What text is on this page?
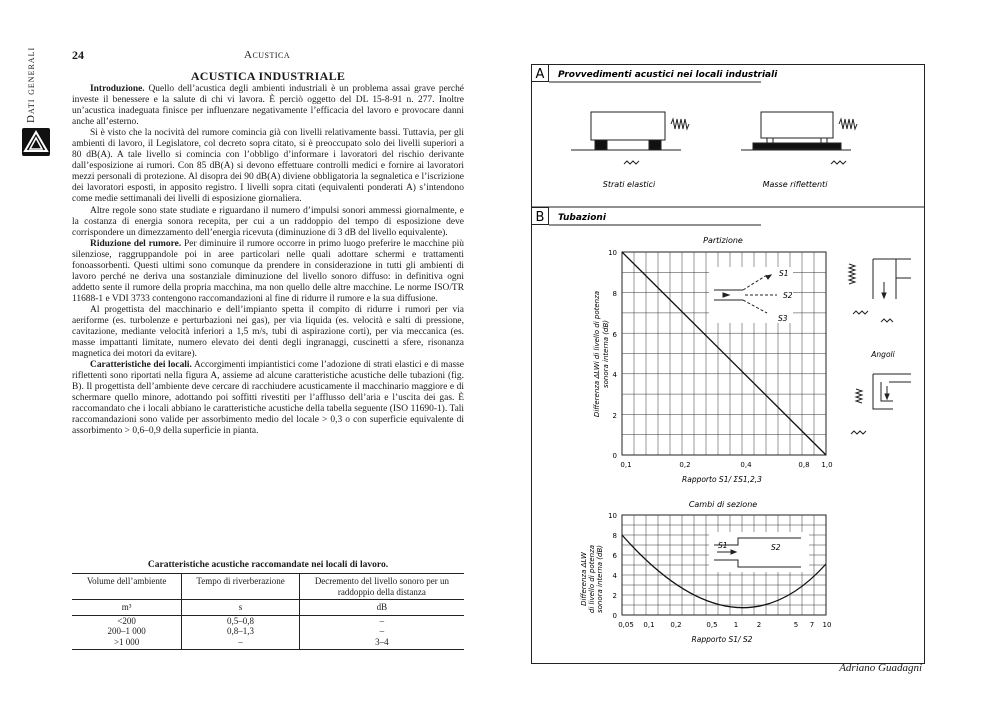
Dati generali	24	Acustica
ACUSTICA INDUSTRIALE

Introduzione. Quello dell’acustica degli ambienti industriali è un problema assai grave perché investe il benessere e la salute di chi vi lavora. È perciò oggetto del DL 15-8-91 n. 277. Inoltre un’acustica inadeguata finisce per influenzare negativamente l’efficacia del lavoro e provocare danni anche all’esterno.

Si è visto che la nocività del rumore comincia già con livelli relativamente bassi. Tuttavia, per gli ambienti di lavoro, il Legislatore, col decreto sopra citato, si è preoccupato solo dei livelli superiori a 80 dB(A). A tale livello si comincia con l’obbligo d’informare i lavoratori del rischio derivante dall’esposizione ai rumori. Con 85 dB(A) si devono effettuare controlli medici e fornire ai lavoratori mezzi personali di protezione. Al disopra dei 90 dB(A) diviene obbligatoria la segnaletica e l’iscrizione dei lavoratori esposti, in apposito registro. I livelli sopra citati (equivalenti ponderati A) s’intendono come medie settimanali dei livelli di esposizione giornaliera.

Altre regole sono state studiate e riguardano il numero d’impulsi sonori ammessi giornalmente, e la costanza di energia sonora recepita, per cui a un raddoppio del tempo di esposizione deve corrispondere un dimezzamento dell’energia ricevuta (diminuzione di 3 dB del livello equivalente).

Riduzione del rumore. Per diminuire il rumore occorre in primo luogo preferire le macchine più silenziose, raggruppandole poi in aree particolari nelle quali adottare schermi e trattamenti fonoassorbenti. Questi ultimi sono comunque da prendere in considerazione in tutti gli ambienti di lavoro perché ne deriva una sostanziale diminuzione del livello sonoro diffuso: in definitiva ogni addetto sente il rumore della propria macchina, ma non quello delle altre macchine. Le norme ISO/TR 11688-1 e VDI 3733 contengono raccomandazioni al fine di ridurre il rumore e la sua diffusione.

Al progettista del macchinario e dell’impianto spetta il compito di ridurre i rumori per via aeriforme (es. turbolenze e perturbazioni nei gas), per via liquida (es. velocità e salti di pressione, cavitazione, mediante velocità inferiori a 1,5 m/s, tubi di aspirazione corti), per via meccanica (es. masse impattanti limitate, numero elevato dei denti degli ingranaggi, cuscinetti a sfere, risonanza magnetica dei motori da evitare).

Caratteristiche dei locali. Accorgimenti impiantistici come l’adozione di strati elastici e di masse riflettenti sono riportati nella figura A, assieme ad alcune caratteristiche acustiche delle tubazioni (fig. B). Il progettista dell’ambiente deve cercare di racchiudere acusticamente il macchinario maggiore e di schermare quello minore, adottando poi soffitti rivestiti per l’afflusso dell’aria e l’uscita dei gas. È raccomandato che i locali abbiano le caratteristiche acustiche della tabella seguente (ISO 11690-1). Tali raccomandazioni sono valide per assorbimento medio del locale > 0,3 o con superficie equivalente di assorbimento > 0,6–0,9 della superficie in pianta.

Caratteristiche acustiche raccomandate nei locali di lavoro.
Volume dell’ambiente	Tempo di riverberazione	Decremento del livello sonoro per un raddoppio della distanza
m³	s	dB
<200	0,5–0,8	–
200–1 000	0,8–1,3	–
>1 000	–	3–4
Adriano Guadagni
A Provvedimenti acustici nei locali industriali
Strati elastici	Masse riflettenti
B Tubazioni
Partizione
0
2
4
6
8
10
0,1	0,2	0,4	0,8 1,0
Rapporto S1/ ΣS1,2,3
Differenza ΔLWi di livello di potenza sonora interna (dB)
S1
S2
S3
Angoli
Cambi di sezione
0
2
4
6
8
10
0,05 0,1 0,2	0,5 1	2	5 7 10
Rapporto S1/ S2
Differenza ΔLW di livello di potenza sonora interna (dB)	S1	S2
